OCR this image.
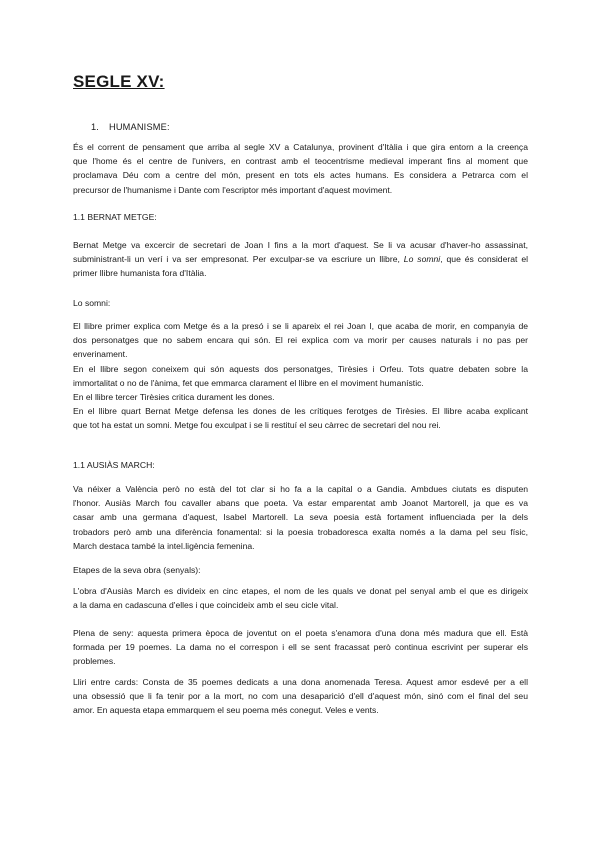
SEGLE XV:
1. HUMANISME:

És el corrent de pensament que arriba al segle XV a Catalunya, provinent d'Itàlia i que gira entorn a la creença
que l'home és el centre de l'univers, en contrast amb el teocentrisme medieval imperant fins al moment que
proclamava Déu com a centre del món, present en tots els actes humans. Es considera a Petrarca com el
precursor de l'humanisme i Dante com l'escriptor més important d'aquest moviment.

1.1 BERNAT METGE:

Bernat Metge va excercir de secretari de Joan I fins a la mort d'aquest. Se li va acusar d'haver-ho assassinat,
subministrant-li un verí i va ser empresonat. Per exculpar-se va escriure un llibre, Lo somni, que és considerat el
primer llibre humanista fora d'Itàlia.

Lo somni:

El llibre primer explica com Metge és a la presó i se li apareix el rei Joan I, que acaba de morir, en companyia de
dos personatges que no sabem encara qui són. El rei explica com va morir per causes naturals i no pas per
enverinament.
En el llibre segon coneixem qui són aquests dos personatges, Tirèsies i Orfeu. Tots quatre debaten sobre la
immortalitat o no de l'ànima, fet que emmarca clarament el llibre en el moviment humanístic.
En el llibre tercer Tirèsies critica durament les dones.
En el llibre quart Bernat Metge defensa les dones de les crítiques ferotges de Tirèsies. El llibre acaba explicant
que tot ha estat un somni. Metge fou exculpat i se li restituí el seu càrrec de secretari del nou rei.

1.1 AUSIÀS MARCH:

Va néixer a València però no està del tot clar si ho fa a la capital o a Gandia. Ambdues ciutats es disputen
l'honor. Ausiàs March fou cavaller abans que poeta. Va estar emparentat amb Joanot Martorell, ja que es va
casar amb una germana d'aquest, Isabel Martorell. La seva poesia està fortament influenciada per la dels
trobadors però amb una diferència fonamental: si la poesia trobadoresca exalta només a la dama pel seu físic,
March destaca també la intel.ligència femenina.

Etapes de la seva obra (senyals):

L'obra d'Ausiàs March es divideix en cinc etapes, el nom de les quals ve donat pel senyal amb el que es dirigeix
a la dama en cadascuna d'elles i que coincideix amb el seu cicle vital.

Plena de seny: aquesta primera època de joventut on el poeta s'enamora d'una dona més madura que ell. Està
formada per 19 poemes. La dama no el correspon i ell se sent fracassat però continua escrivint per superar els
problemes.

Lliri entre cards: Consta de 35 poemes dedicats a una dona anomenada Teresa. Aquest amor esdevé per a ell
una obsessió que li fa tenir por a la mort, no com una desaparició d'ell d'aquest món, sinó com el final del seu
amor. En aquesta etapa emmarquem el seu poema més conegut. Veles e vents.
